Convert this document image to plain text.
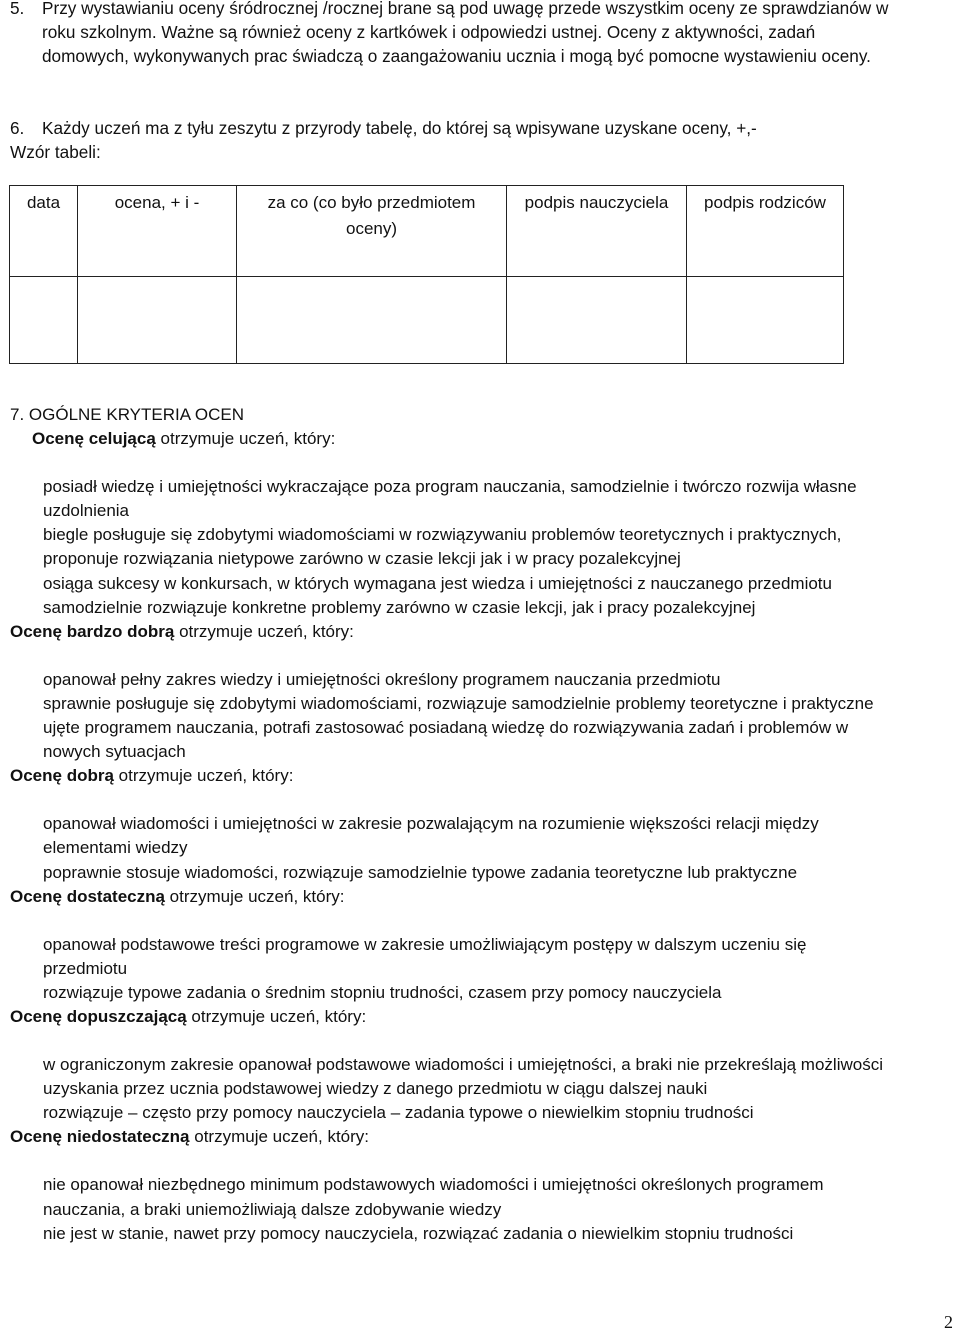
5. Przy wystawianiu oceny śródrocznej /rocznej brane są pod uwagę przede wszystkim oceny ze sprawdzianów w
roku szkolnym. Ważne są również oceny z kartkówek i odpowiedzi ustnej. Oceny z aktywności, zadań
domowych, wykonywanych prac świadczą o zaangażowaniu ucznia i mogą być pomocne wystawieniu oceny.
6. Każdy uczeń ma z tyłu zeszytu z przyrody tabelę, do której są wpisywane uzyskane oceny, +,-
Wzór tabeli:
data	ocena, + i -	za co (co było przedmiotem oceny)	podpis nauczyciela	podpis rodziców

7. OGÓLNE KRYTERIA OCEN
Ocenę celującą otrzymuje uczeń, który:
posiadł wiedzę i umiejętności wykraczające poza program nauczania, samodzielnie i twórczo rozwija własne
uzdolnienia
biegle posługuje się zdobytymi wiadomościami w rozwiązywaniu problemów teoretycznych i praktycznych,
proponuje rozwiązania nietypowe zarówno w czasie lekcji jak i w pracy pozalekcyjnej
osiąga sukcesy w konkursach, w których wymagana jest wiedza i umiejętności z nauczanego przedmiotu
samodzielnie rozwiązuje konkretne problemy zarówno w czasie lekcji, jak i pracy pozalekcyjnej
Ocenę bardzo dobrą otrzymuje uczeń, który:
opanował pełny zakres wiedzy i umiejętności określony programem nauczania przedmiotu
sprawnie posługuje się zdobytymi wiadomościami, rozwiązuje samodzielnie problemy teoretyczne i praktyczne
ujęte programem nauczania, potrafi zastosować posiadaną wiedzę do rozwiązywania zadań i problemów w
nowych sytuacjach
Ocenę dobrą otrzymuje uczeń, który:
opanował wiadomości i umiejętności w zakresie pozwalającym na rozumienie większości relacji między
elementami wiedzy
poprawnie stosuje wiadomości, rozwiązuje samodzielnie typowe zadania teoretyczne lub praktyczne
Ocenę dostateczną otrzymuje uczeń, który:
opanował podstawowe treści programowe w zakresie umożliwiającym postępy w dalszym uczeniu się
przedmiotu
rozwiązuje typowe zadania o średnim stopniu trudności, czasem przy pomocy nauczyciela
Ocenę dopuszczającą otrzymuje uczeń, który:
w ograniczonym zakresie opanował podstawowe wiadomości i umiejętności, a braki nie przekreślają możliwości
uzyskania przez ucznia podstawowej wiedzy z danego przedmiotu w ciągu dalszej nauki
rozwiązuje – często przy pomocy nauczyciela – zadania typowe o niewielkim stopniu trudności
Ocenę niedostateczną otrzymuje uczeń, który:
nie opanował niezbędnego minimum podstawowych wiadomości i umiejętności określonych programem
nauczania, a braki uniemożliwiają dalsze zdobywanie wiedzy
nie jest w stanie, nawet przy pomocy nauczyciela, rozwiązać zadania o niewielkim stopniu trudności
2
